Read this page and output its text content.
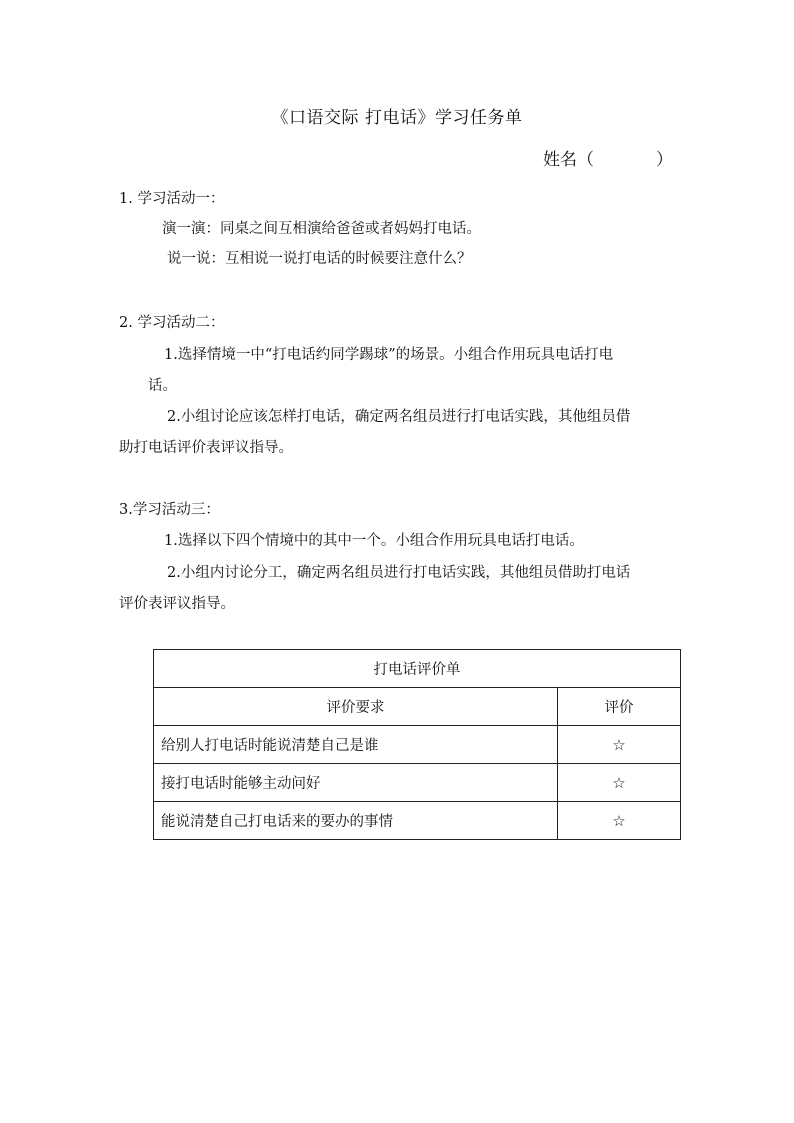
《口语交际 打电话》学习任务单
姓名（	）
1. 学习活动一：
演一演：同桌之间互相演给爸爸或者妈妈打电话。
说一说：互相说一说打电话的时候要注意什么？
2. 学习活动二：
1.选择情境一中“打电话约同学踢球”的场景。小组合作用玩具电话打电
话。
2.小组讨论应该怎样打电话，确定两名组员进行打电话实践，其他组员借
助打电话评价表评议指导。
3.学习活动三：
1.选择以下四个情境中的其中一个。小组合作用玩具电话打电话。
2.小组内讨论分工，确定两名组员进行打电话实践，其他组员借助打电话
评价表评议指导。
打电话评价单	
评价要求	评价
给别人打电话时能说清楚自己是谁	☆
接打电话时能够主动问好	☆
能说清楚自己打电话来的要办的事情	☆
